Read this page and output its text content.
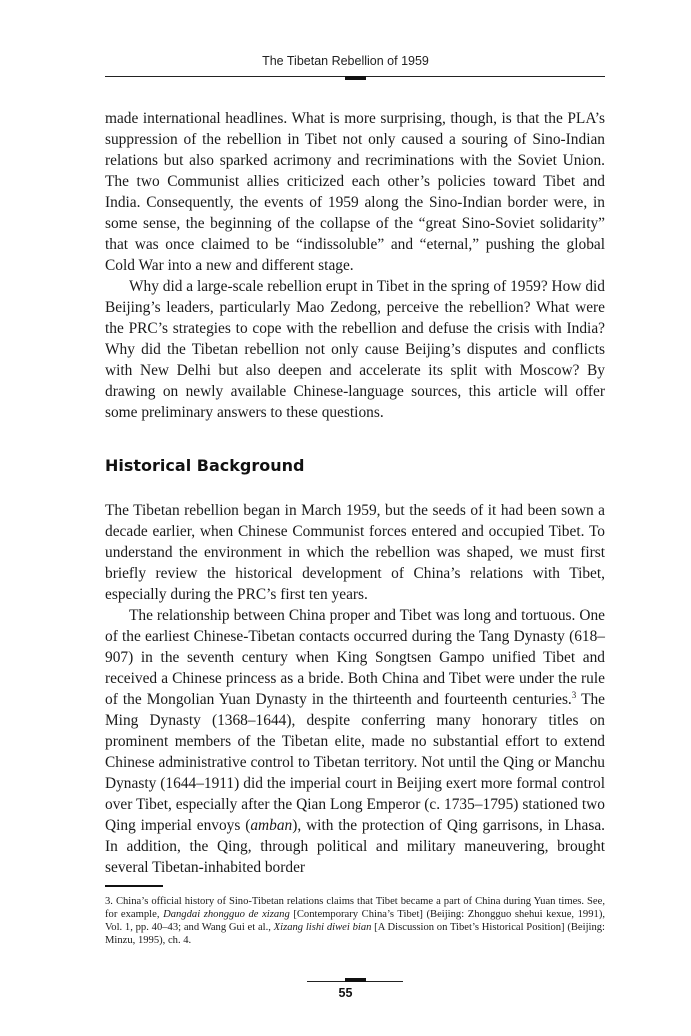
The Tibetan Rebellion of 1959

made international headlines. What is more surprising, though, is that the PLA’s suppression of the rebellion in Tibet not only caused a souring of Sino-Indian relations but also sparked acrimony and recriminations with the Soviet Union. The two Communist allies criticized each other’s policies toward Tibet and India. Consequently, the events of 1959 along the Sino-Indian border were, in some sense, the beginning of the collapse of the “great Sino-Soviet solidarity” that was once claimed to be “indissoluble” and “eternal,” pushing the global Cold War into a new and different stage.

Why did a large-scale rebellion erupt in Tibet in the spring of 1959? How did Beijing’s leaders, particularly Mao Zedong, perceive the rebellion? What were the PRC’s strategies to cope with the rebellion and defuse the crisis with India? Why did the Tibetan rebellion not only cause Beijing’s disputes and conflicts with New Delhi but also deepen and accelerate its split with Moscow? By drawing on newly available Chinese-language sources, this article will offer some preliminary answers to these questions.

Historical Background

The Tibetan rebellion began in March 1959, but the seeds of it had been sown a decade earlier, when Chinese Communist forces entered and occupied Tibet. To understand the environment in which the rebellion was shaped, we must first briefly review the historical development of China’s relations with Tibet, especially during the PRC’s first ten years.

The relationship between China proper and Tibet was long and tortuous. One of the earliest Chinese-Tibetan contacts occurred during the Tang Dynasty (618–907) in the seventh century when King Songtsen Gampo unified Tibet and received a Chinese princess as a bride. Both China and Tibet were under the rule of the Mongolian Yuan Dynasty in the thirteenth and fourteenth centuries.$^3$ The Ming Dynasty (1368–1644), despite conferring many honorary titles on prominent members of the Tibetan elite, made no substantial effort to extend Chinese administrative control to Tibetan territory. Not until the Qing or Manchu Dynasty (1644–1911) did the imperial court in Beijing exert more formal control over Tibet, especially after the Qian Long Emperor (c. 1735–1795) stationed two Qing imperial envoys (amban), with the protection of Qing garrisons, in Lhasa. In addition, the Qing, through political and military maneuvering, brought several Tibetan-inhabited border

3. China’s official history of Sino-Tibetan relations claims that Tibet became a part of China during Yuan times. See, for example, Dangdai zhongguo de xizang [Contemporary China’s Tibet] (Beijing: Zhongguo shehui kexue, 1991), Vol. 1, pp. 40–43; and Wang Gui et al., Xizang lishi diwei bian [A Discussion on Tibet’s Historical Position] (Beijing: Minzu, 1995), ch. 4.

55
